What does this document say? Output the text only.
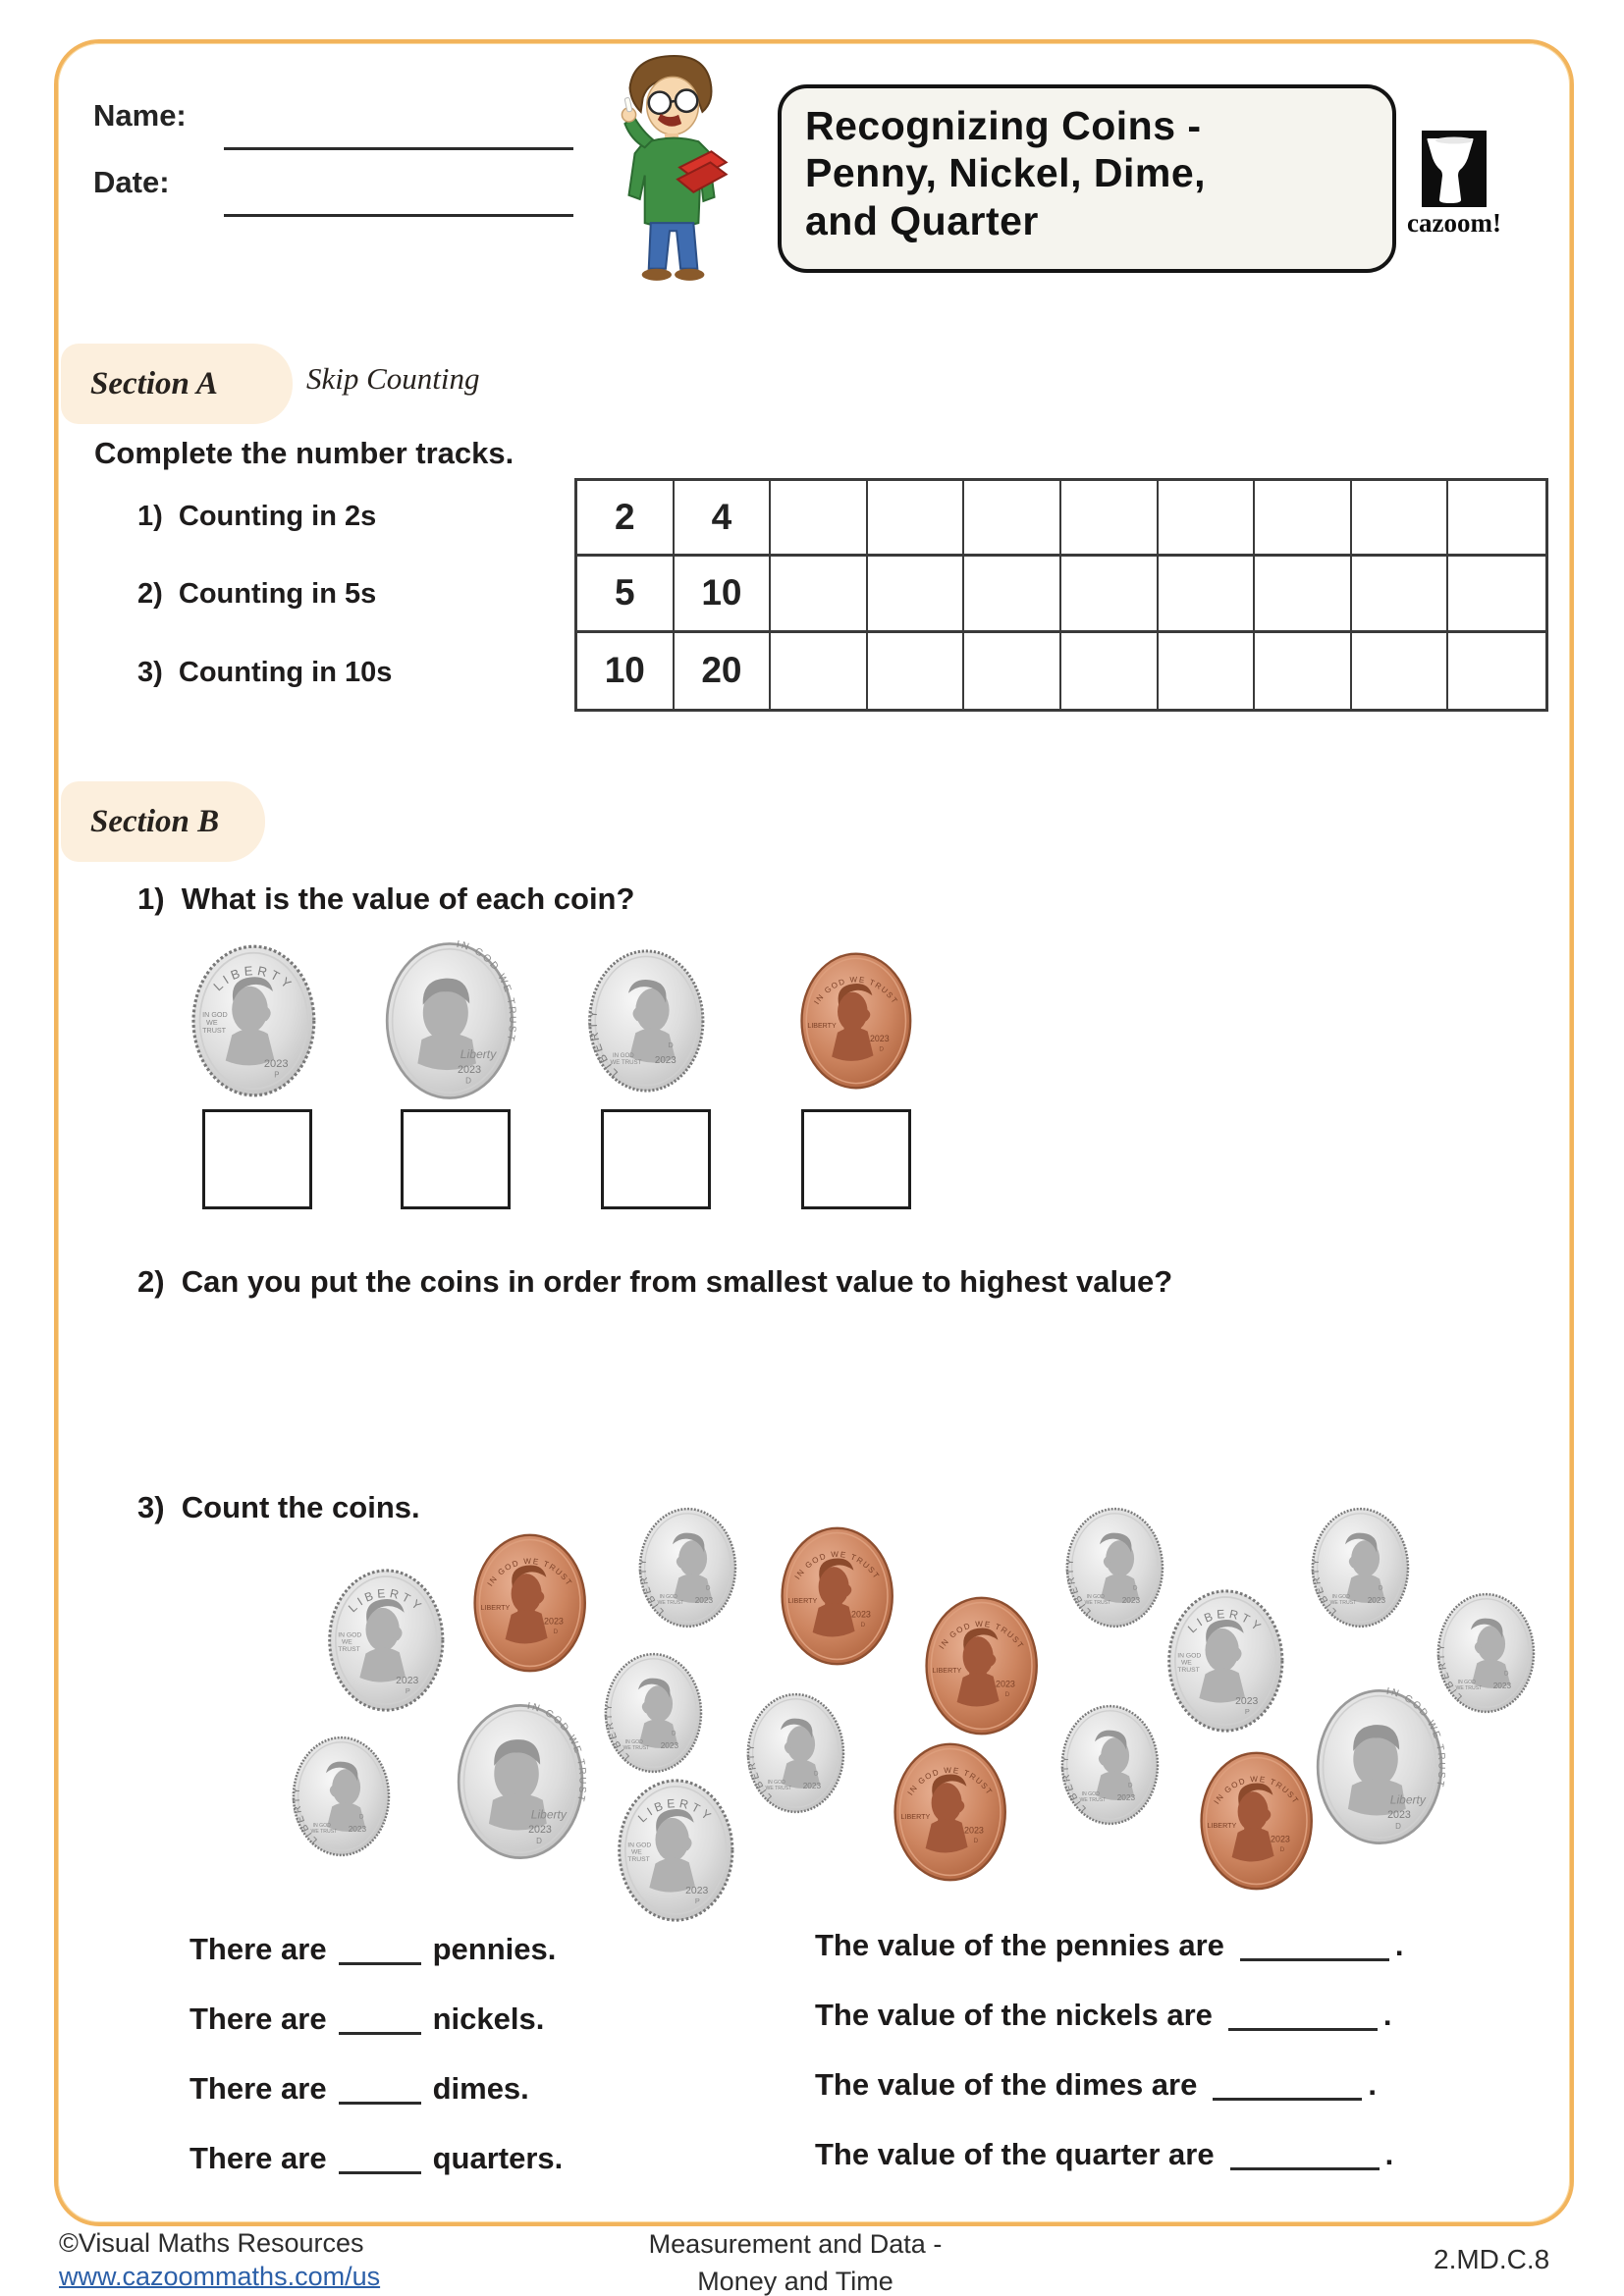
Name:
Date:
Recognizing Coins -
Penny, Nickel, Dime,
and Quarter	cazoom!
Section A	Skip Counting
Complete the number tracks.
1)  Counting in 2s
2)  Counting in 5s
3)  Counting in 10s
2	4
5	10
10	20
Section B
1)  What is the value of each coin?
2)  Can you put the coins in order from smallest value to highest value?
3)  Count the coins.
There are	pennies.
There are	nickels.
There are	dimes.
There are	quarters.
The value of the pennies are	.
The value of the nickels are	.
The value of the dimes are	.
The value of the quarter are	.
©Visual Maths Resources
www.cazoommaths.com/us
Measurement and Data -
Money and Time
2.MD.C.8
